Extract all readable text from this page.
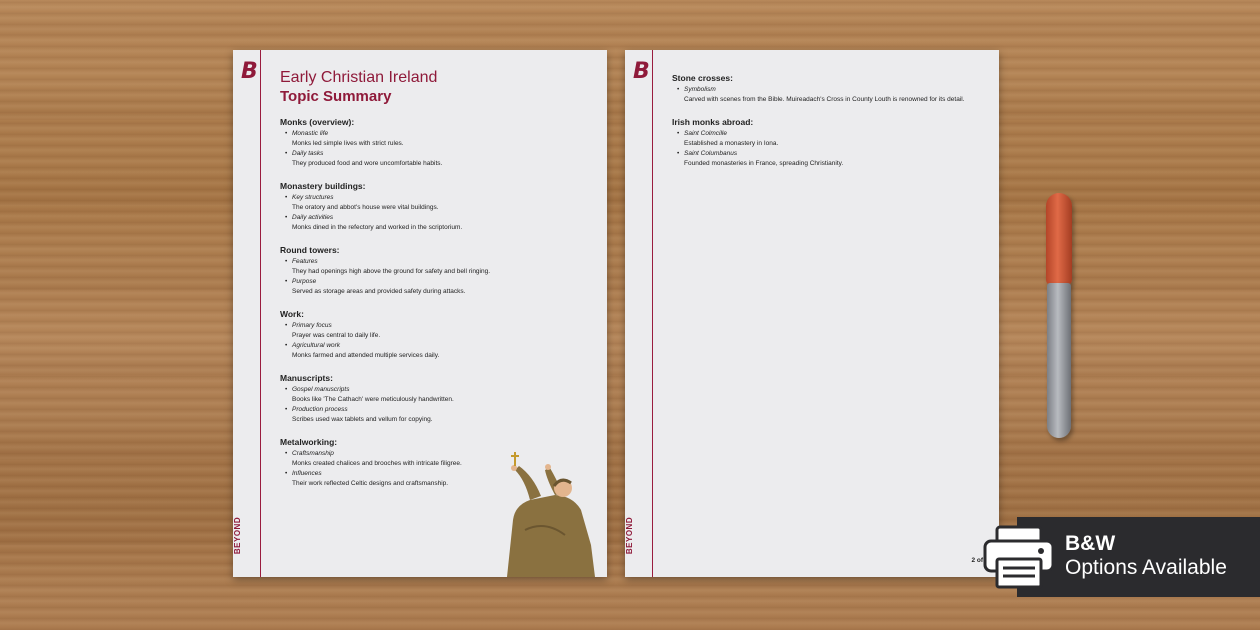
B
BEYOND
Early Christian Ireland
Topic Summary
Monks (overview):
• Monastic life
Monks led simple lives with strict rules.
• Daily tasks
They produced food and wore uncomfortable habits.
Monastery buildings:
• Key structures
The oratory and abbot's house were vital buildings.
• Daily activities
Monks dined in the refectory and worked in the scriptorium.
Round towers:
• Features
They had openings high above the ground for safety and bell ringing.
• Purpose
Served as storage areas and provided safety during attacks.
Work:
• Primary focus
Prayer was central to daily life.
• Agricultural work
Monks farmed and attended multiple services daily.
Manuscripts:
• Gospel manuscripts
Books like 'The Cathach' were meticulously handwritten.
• Production process
Scribes used wax tablets and vellum for copying.
Metalworking:
• Craftsmanship
Monks created chalices and brooches with intricate filigree.
• Influences
Their work reflected Celtic designs and craftsmanship.
B
BEYOND
Stone crosses:
• Symbolism
Carved with scenes from the Bible. Muireadach's Cross in County Louth is renowned for its detail.
Irish monks abroad:
• Saint Colmcille
Established a monastery in Iona.
• Saint Columbanus
Founded monasteries in France, spreading Christianity.
2 of
B&W
Options Available
